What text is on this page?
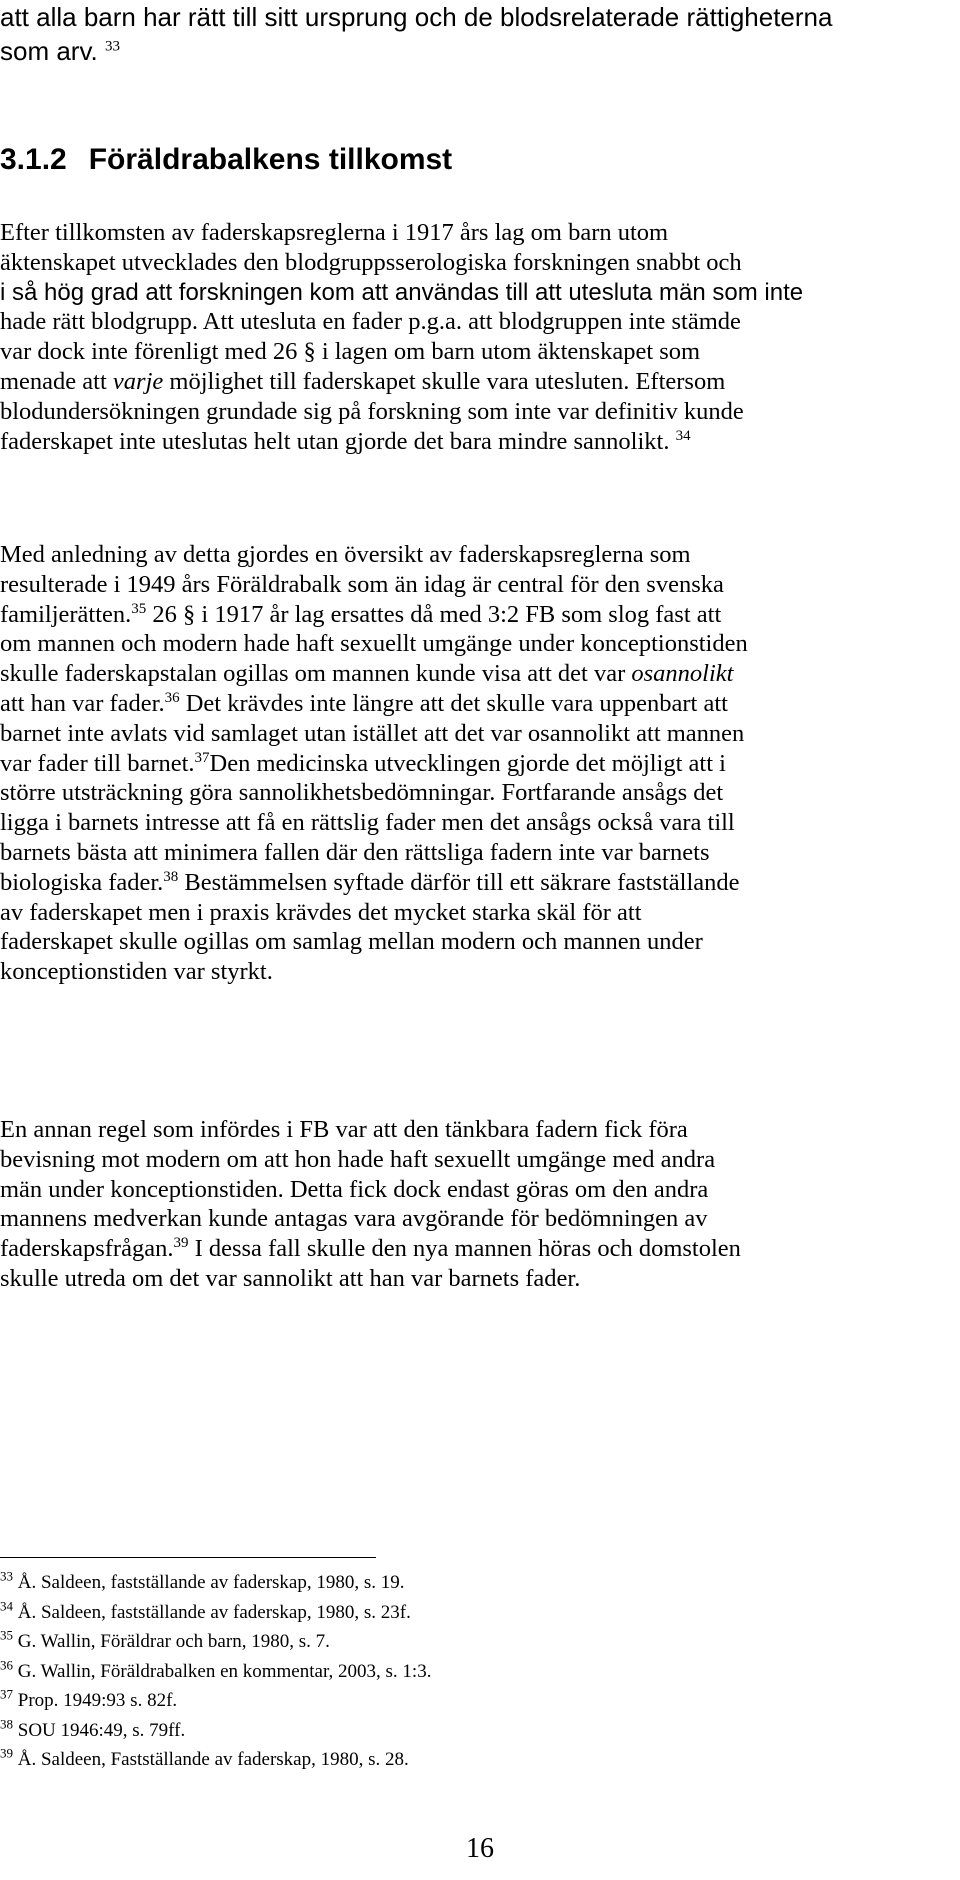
att alla barn har rätt till sitt ursprung och de blodsrelaterade rättigheterna
som arv. $^{33}$
3.1.2 Föräldrabalkens tillkomst
Efter tillkomsten av faderskapsreglerna i 1917 års lag om barn utom
äktenskapet utvecklades den blodgruppsserologiska forskningen snabbt och
i så hög grad att forskningen kom att användas till att utesluta män som inte
hade rätt blodgrupp. Att utesluta en fader p.g.a. att blodgruppen inte stämde
var dock inte förenligt med 26 § i lagen om barn utom äktenskapet som
menade att varje möjlighet till faderskapet skulle vara utesluten. Eftersom
blodundersökningen grundade sig på forskning som inte var definitiv kunde
faderskapet inte uteslutas helt utan gjorde det bara mindre sannolikt. $^{34}$
Med anledning av detta gjordes en översikt av faderskapsreglerna som
resulterade i 1949 års Föräldrabalk som än idag är central för den svenska
familjerätten.$^{35}$ 26 § i 1917 år lag ersattes då med 3:2 FB som slog fast att
om mannen och modern hade haft sexuellt umgänge under konceptionstiden
skulle faderskapstalan ogillas om mannen kunde visa att det var osannolikt
att han var fader.$^{36}$ Det krävdes inte längre att det skulle vara uppenbart att
barnet inte avlats vid samlaget utan istället att det var osannolikt att mannen
var fader till barnet.$^{37}$Den medicinska utvecklingen gjorde det möjligt att i
större utsträckning göra sannolikhetsbedömningar. Fortfarande ansågs det
ligga i barnets intresse att få en rättslig fader men det ansågs också vara till
barnets bästa att minimera fallen där den rättsliga fadern inte var barnets
biologiska fader.$^{38}$ Bestämmelsen syftade därför till ett säkrare fastställande
av faderskapet men i praxis krävdes det mycket starka skäl för att
faderskapet skulle ogillas om samlag mellan modern och mannen under
konceptionstiden var styrkt.
En annan regel som infördes i FB var att den tänkbara fadern fick föra
bevisning mot modern om att hon hade haft sexuellt umgänge med andra
män under konceptionstiden. Detta fick dock endast göras om den andra
mannens medverkan kunde antagas vara avgörande för bedömningen av
faderskapsfrågan.$^{39}$ I dessa fall skulle den nya mannen höras och domstolen
skulle utreda om det var sannolikt att han var barnets fader.
$^{33}$ Å. Saldeen, fastställande av faderskap, 1980, s. 19.
$^{34}$ Å. Saldeen, fastställande av faderskap, 1980, s. 23f.
$^{35}$ G. Wallin, Föräldrar och barn, 1980, s. 7.
$^{36}$ G. Wallin, Föräldrabalken en kommentar, 2003, s. 1:3.
$^{37}$ Prop. 1949:93 s. 82f.
$^{38}$ SOU 1946:49, s. 79ff.
$^{39}$ Å. Saldeen, Fastställande av faderskap, 1980, s. 28.
16
